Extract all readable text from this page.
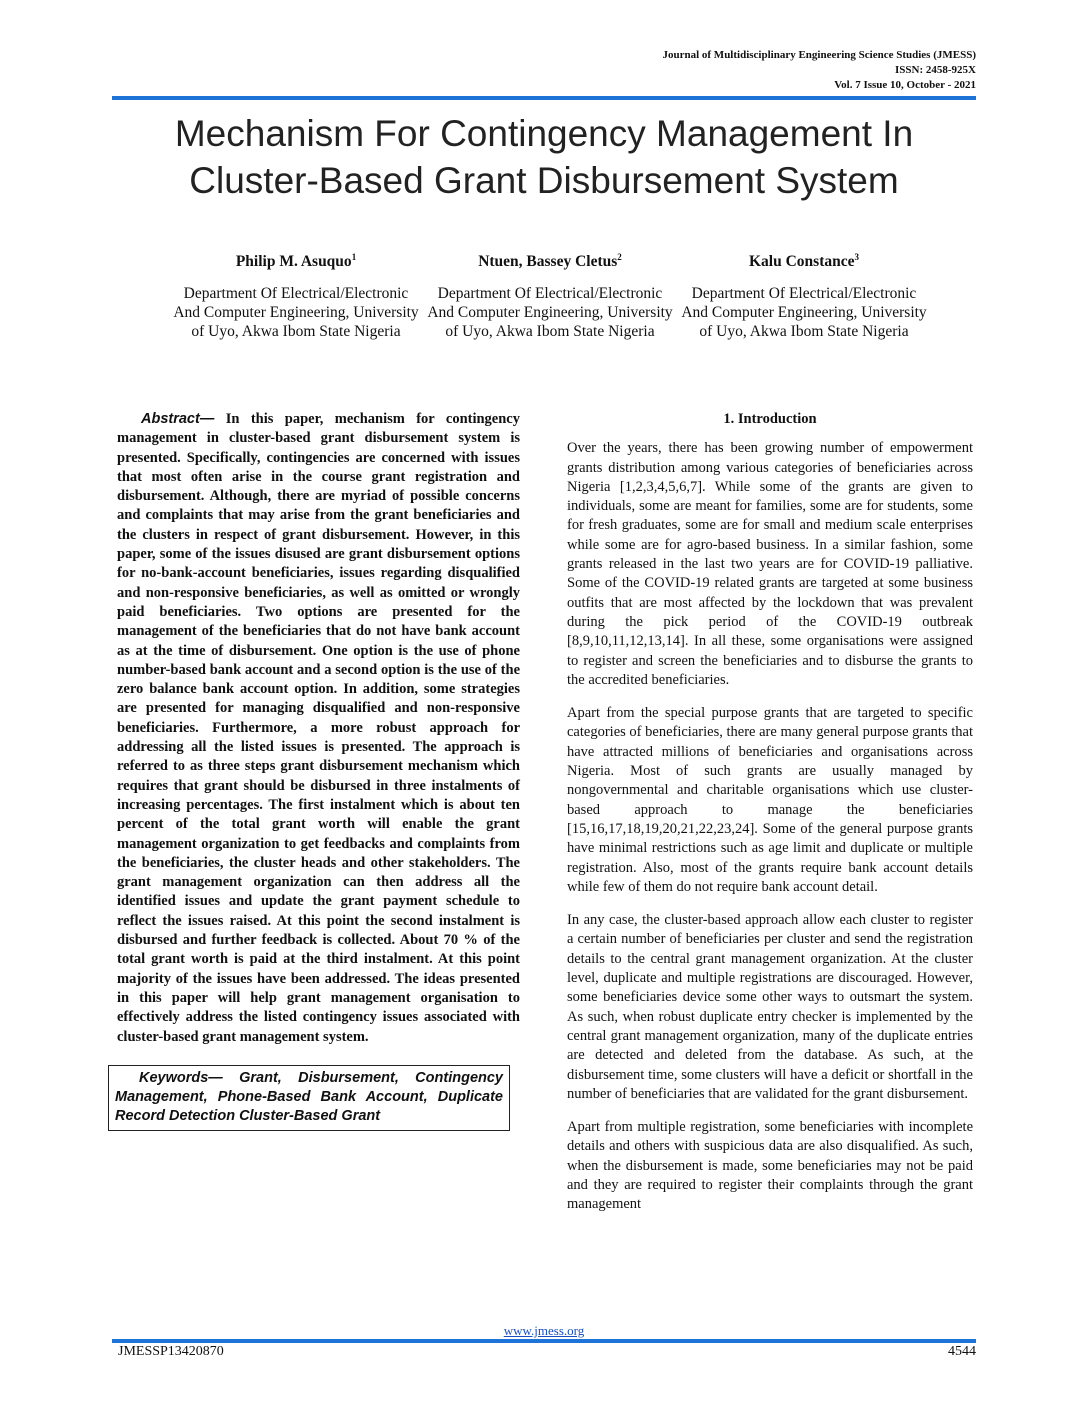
Journal of Multidisciplinary Engineering Science Studies (JMESS)
ISSN: 2458-925X
Vol. 7 Issue 10, October - 2021
Mechanism For Contingency Management In
Cluster-Based Grant Disbursement System
Philip M. Asuquo$^1$
Department Of Electrical/Electronic And Computer Engineering, University of Uyo, Akwa Ibom State Nigeria
Ntuen, Bassey Cletus$^2$
Department Of Electrical/Electronic And Computer Engineering, University of Uyo, Akwa Ibom State Nigeria
Kalu Constance$^3$
Department Of Electrical/Electronic And Computer Engineering, University of Uyo, Akwa Ibom State Nigeria

Abstract— In this paper, mechanism for contingency management in cluster-based grant disbursement system is presented. Specifically, contingencies are concerned with issues that most often arise in the course grant registration and disbursement. Although, there are myriad of possible concerns and complaints that may arise from the grant beneficiaries and the clusters in respect of grant disbursement. However, in this paper, some of the issues disused are grant disbursement options for no-bank-account beneficiaries, issues regarding disqualified and non-responsive beneficiaries, as well as omitted or wrongly paid beneficiaries. Two options are presented for the management of the beneficiaries that do not have bank account as at the time of disbursement. One option is the use of phone number-based bank account and a second option is the use of the zero balance bank account option. In addition, some strategies are presented for managing disqualified and non-responsive beneficiaries. Furthermore, a more robust approach for addressing all the listed issues is presented. The approach is referred to as three steps grant disbursement mechanism which requires that grant should be disbursed in three instalments of increasing percentages. The first instalment which is about ten percent of the total grant worth will enable the grant management organization to get feedbacks and complaints from the beneficiaries, the cluster heads and other stakeholders. The grant management organization can then address all the identified issues and update the grant payment schedule to reflect the issues raised. At this point the second instalment is disbursed and further feedback is collected. About 70 % of the total grant worth is paid at the third instalment. At this point majority of the issues have been addressed. The ideas presented in this paper will help grant management organisation to effectively address the listed contingency issues associated with cluster-based grant management system.

Keywords— Grant, Disbursement, Contingency Management, Phone-Based Bank Account, Duplicate Record Detection Cluster-Based Grant

1. Introduction

Over the years, there has been growing number of empowerment grants distribution among various categories of beneficiaries across Nigeria [1,2,3,4,5,6,7]. While some of the grants are given to individuals, some are meant for families, some are for students, some for fresh graduates, some are for small and medium scale enterprises while some are for agro-based business. In a similar fashion, some grants released in the last two years are for COVID-19 palliative. Some of the COVID-19 related grants are targeted at some business outfits that are most affected by the lockdown that was prevalent during the pick period of the COVID-19 outbreak [8,9,10,11,12,13,14]. In all these, some organisations were assigned to register and screen the beneficiaries and to disburse the grants to the accredited beneficiaries.

Apart from the special purpose grants that are targeted to specific categories of beneficiaries, there are many general purpose grants that have attracted millions of beneficiaries and organisations across Nigeria. Most of such grants are usually managed by nongovernmental and charitable organisations which use cluster-based approach to manage the beneficiaries [15,16,17,18,19,20,21,22,23,24]. Some of the general purpose grants have minimal restrictions such as age limit and duplicate or multiple registration. Also, most of the grants require bank account details while few of them do not require bank account detail.

In any case, the cluster-based approach allow each cluster to register a certain number of beneficiaries per cluster and send the registration details to the central grant management organization. At the cluster level, duplicate and multiple registrations are discouraged. However, some beneficiaries device some other ways to outsmart the system. As such, when robust duplicate entry checker is implemented by the central grant management organization, many of the duplicate entries are detected and deleted from the database. As such, at the disbursement time, some clusters will have a deficit or shortfall in the number of beneficiaries that are validated for the grant disbursement.

Apart from multiple registration, some beneficiaries with incomplete details and others with suspicious data are also disqualified. As such, when the disbursement is made, some beneficiaries may not be paid and they are required to register their complaints through the grant management

www.jmess.org
JMESSP13420870	4544
